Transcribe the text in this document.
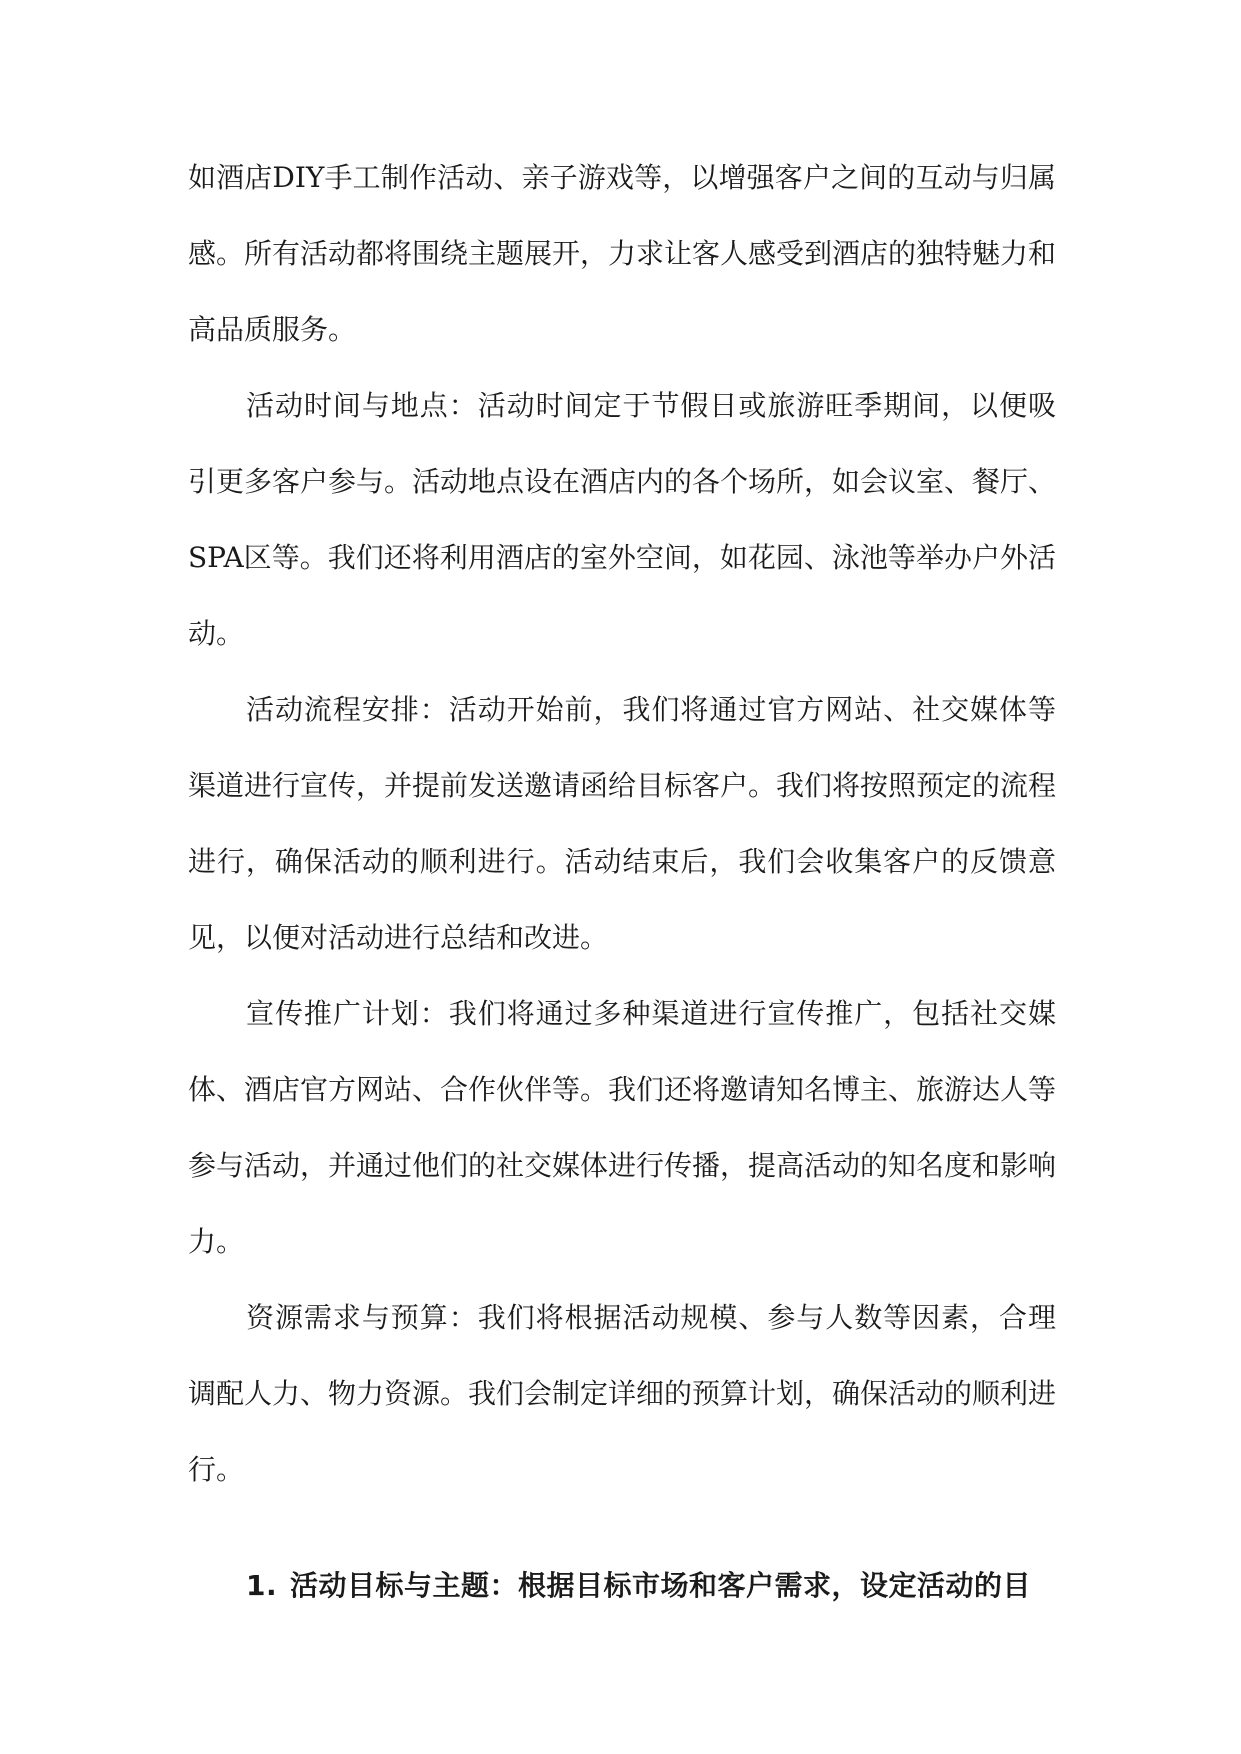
如酒店DIY手工制作活动、亲子游戏等，以增强客户之间的互动与归属感。所有活动都将围绕主题展开，力求让客人感受到酒店的独特魅力和高品质服务。

活动时间与地点：活动时间定于节假日或旅游旺季期间，以便吸引更多客户参与。活动地点设在酒店内的各个场所，如会议室、餐厅、SPA区等。我们还将利用酒店的室外空间，如花园、泳池等举办户外活动。

活动流程安排：活动开始前，我们将通过官方网站、社交媒体等渠道进行宣传，并提前发送邀请函给目标客户。我们将按照预定的流程进行，确保活动的顺利进行。活动结束后，我们会收集客户的反馈意见，以便对活动进行总结和改进。

宣传推广计划：我们将通过多种渠道进行宣传推广，包括社交媒体、酒店官方网站、合作伙伴等。我们还将邀请知名博主、旅游达人等参与活动，并通过他们的社交媒体进行传播，提高活动的知名度和影响力。

资源需求与预算：我们将根据活动规模、参与人数等因素，合理调配人力、物力资源。我们会制定详细的预算计划，确保活动的顺利进行。

1. 活动目标与主题：根据目标市场和客户需求，设定活动的目
